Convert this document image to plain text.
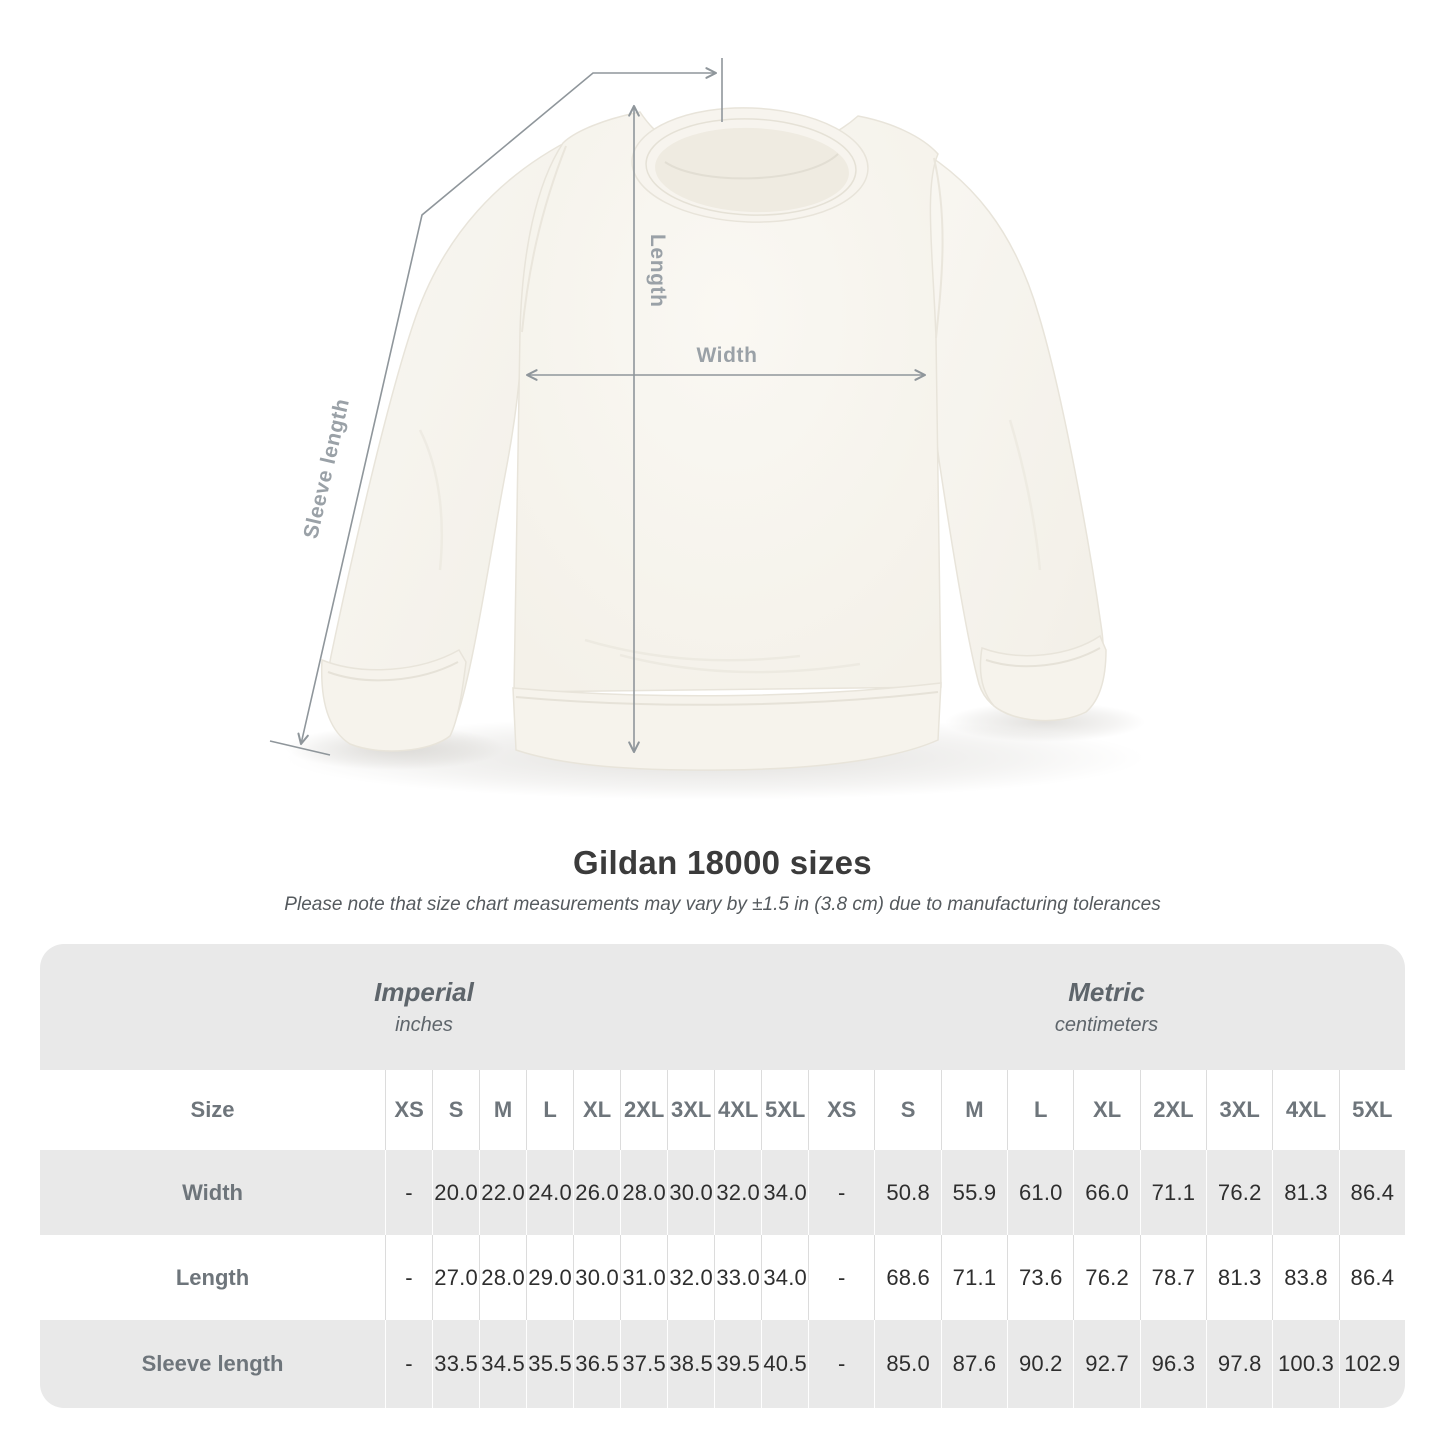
Length
Width
Sleeve length
Gildan 18000 sizes
Please note that size chart measurements may vary by ±1.5 in (3.8 cm) due to manufacturing tolerances
Imperial
inches
Metric
centimeters
Size	XS	S	M	L	XL 2XL 3XL 4XL 5XL XS	S	M	L	XL	2XL	3XL	4XL	5XL
Width	- 20.0 22.0 24.0 26.0 28.0 30.0 32.0 34.0	-	50.8	55.9	61.0	66.0	71.1	76.2	81.3	86.4
Length	- 27.0 28.0 29.0 30.0 31.0 32.0 33.0 34.0	-	68.6	71.1	73.6	76.2	78.7	81.3	83.8	86.4
Sleeve length	- 33.5 34.5 35.5 36.5 37.5 38.5 39.5 40.5	-	85.0	87.6	90.2	92.7	96.3	97.8 100.3 102.9
